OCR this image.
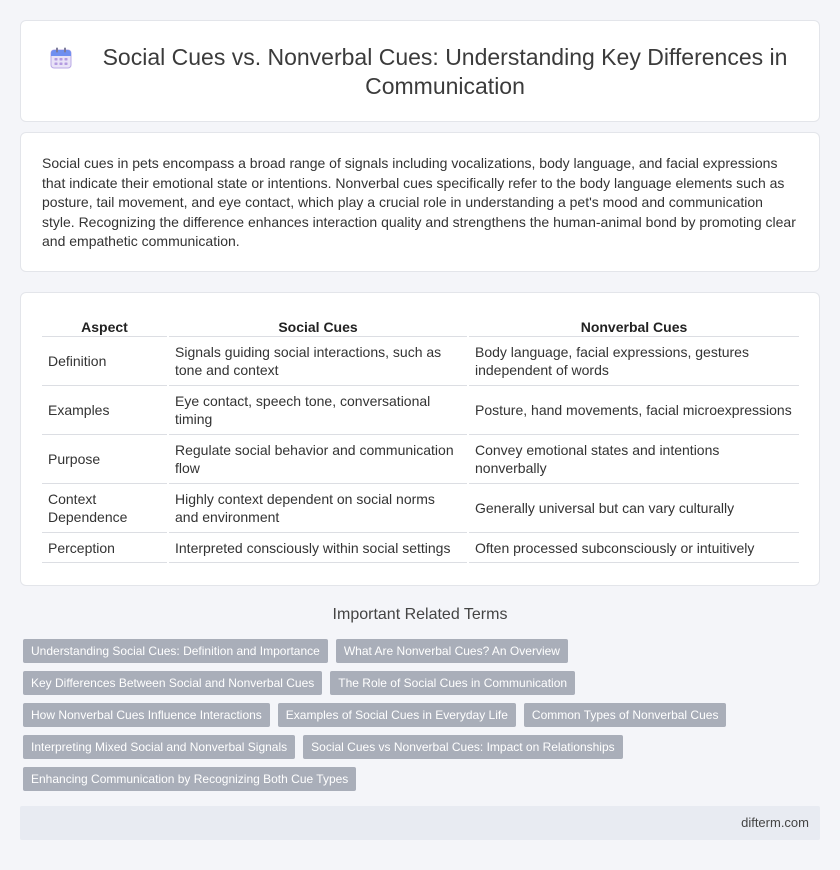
Social Cues vs. Nonverbal Cues: Understanding Key Differences in Communication

Social cues in pets encompass a broad range of signals including vocalizations, body language, and facial expressions that indicate their emotional state or intentions. Nonverbal cues specifically refer to the body language elements such as posture, tail movement, and eye contact, which play a crucial role in understanding a pet's mood and communication style. Recognizing the difference enhances interaction quality and strengthens the human-animal bond by promoting clear and empathetic communication.

Aspect		Social Cues		Nonverbal Cues
Definition		Signals guiding social interactions, such as tone and context		Body language, facial expressions, gestures independent of words
Examples		Eye contact, speech tone, conversational timing		Posture, hand movements, facial microexpressions
Purpose		Regulate social behavior and communication flow		Convey emotional states and intentions nonverbally
Context Dependence		Highly context dependent on social norms and environment		Generally universal but can vary culturally
Perception		Interpreted consciously within social settings		Often processed subconsciously or intuitively
Important Related Terms
Understanding Social Cues: Definition and Importance	What Are Nonverbal Cues? An Overview
Key Differences Between Social and Nonverbal Cues	The Role of Social Cues in Communication
How Nonverbal Cues Influence Interactions	Examples of Social Cues in Everyday Life	Common Types of Nonverbal Cues
Interpreting Mixed Social and Nonverbal Signals	Social Cues vs Nonverbal Cues: Impact on Relationships
Enhancing Communication by Recognizing Both Cue Types
difterm.com
